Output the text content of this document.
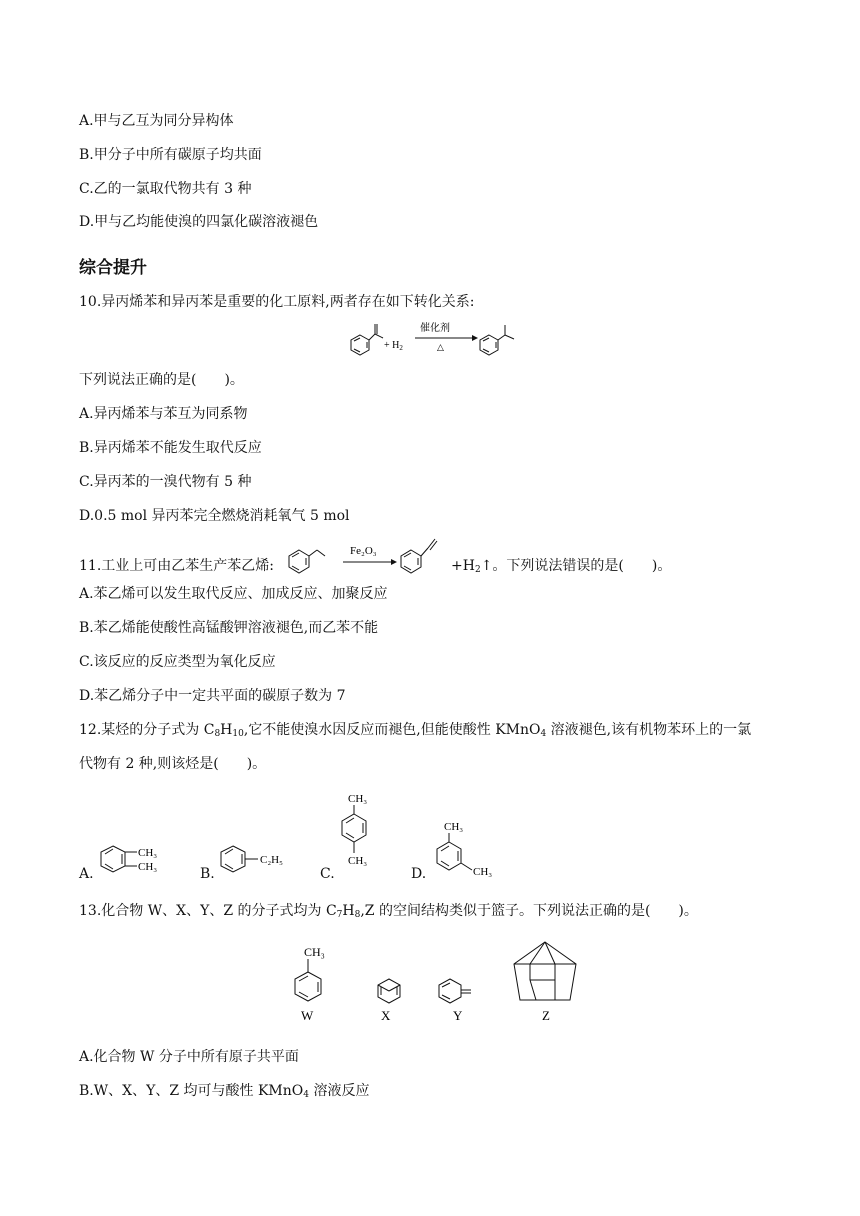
A.甲与乙互为同分异构体
B.甲分子中所有碳原子均共面
C.乙的一氯取代物共有 3 种
D.甲与乙均能使溴的四氯化碳溶液褪色
综合提升
10.异丙烯苯和异丙苯是重要的化工原料,两者存在如下转化关系:
+ $H_2$
催化剂
△
下列说法正确的是(　　)。
A.异丙烯苯与苯互为同系物
B.异丙烯苯不能发生取代反应
C.异丙苯的一溴代物有 5 种
D.0.5 mol 异丙苯完全燃烧消耗氧气 5 mol
11.工业上可由乙苯生产苯乙烯:
Fe₂O₃
$+H_2↑$。下列说法错误的是(　　)。
A.苯乙烯可以发生取代反应、加成反应、加聚反应
B.苯乙烯能使酸性高锰酸钾溶液褪色,而乙苯不能
C.该反应的反应类型为氧化反应
D.苯乙烯分子中一定共平面的碳原子数为 7
12.某烃的分子式为 $C_8H_{10}$,它不能使溴水因反应而褪色,但能使酸性 KMnO$_4$ 溶液褪色,该有机物苯环上的一氯
代物有 2 种,则该烃是(　　)。
A.
CH₃
CH₃	B.
C₂H₅
C.
CH₃
CH₃
D.
CH₃
CH₃
13.化合物 W、X、Y、Z 的分子式均为 $C_7H_8,Z$ 的空间结构类似于篮子。下列说法正确的是(　　)。
CH₃
W	X	Y	Z
A.化合物 W 分子中所有原子共平面
B.W、X、Y、Z 均可与酸性 KMnO$_4$ 溶液反应
